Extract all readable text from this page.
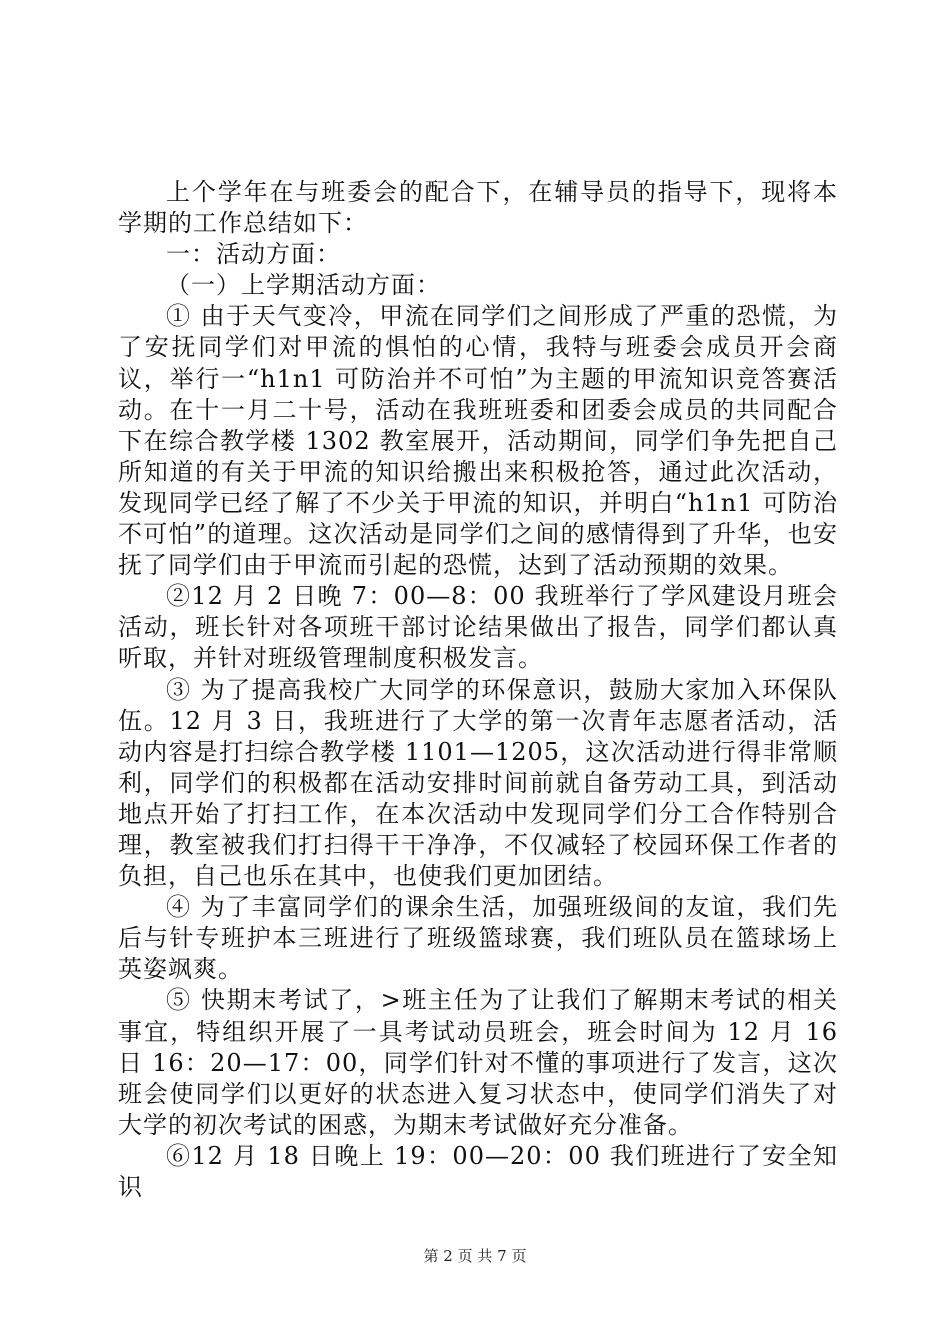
上个学年在与班委会的配合下，在辅导员的指导下，现将本学期的工作总结如下：

一：活动方面：

（一）上学期活动方面：

① 由于天气变冷，甲流在同学们之间形成了严重的恐慌，为了安抚同学们对甲流的惧怕的心情，我特与班委会成员开会商议，举行一“h1n1 可防治并不可怕”为主题的甲流知识竞答赛活动。在十一月二十号，活动在我班班委和团委会成员的共同配合下在综合教学楼 1302 教室展开，活动期间，同学们争先把自己所知道的有关于甲流的知识给搬出来积极抢答，通过此次活动，发现同学已经了解了不少关于甲流的知识，并明白“h1n1 可防治不可怕”的道理。这次活动是同学们之间的感情得到了升华，也安抚了同学们由于甲流而引起的恐慌，达到了活动预期的效果。

②12 月 2 日晚 7：00—8：00 我班举行了学风建设月班会活动，班长针对各项班干部讨论结果做出了报告，同学们都认真听取，并针对班级管理制度积极发言。

③ 为了提高我校广大同学的环保意识，鼓励大家加入环保队伍。12 月 3 日，我班进行了大学的第一次青年志愿者活动，活动内容是打扫综合教学楼 1101—1205，这次活动进行得非常顺利，同学们的积极都在活动安排时间前就自备劳动工具，到活动地点开始了打扫工作，在本次活动中发现同学们分工合作特别合理，教室被我们打扫得干干净净，不仅减轻了校园环保工作者的负担，自己也乐在其中，也使我们更加团结。

④ 为了丰富同学们的课余生活，加强班级间的友谊，我们先后与针专班护本三班进行了班级篮球赛，我们班队员在篮球场上英姿飒爽。

⑤ 快期末考试了，>班主任为了让我们了解期末考试的相关事宜，特组织开展了一具考试动员班会，班会时间为 12 月 16 日 16：20—17：00，同学们针对不懂的事项进行了发言，这次班会使同学们以更好的状态进入复习状态中，使同学们消失了对大学的初次考试的困惑，为期末考试做好充分准备。

⑥12 月 18 日晚上 19：00—20：00 我们班进行了安全知识

第 2 页 共 7 页
